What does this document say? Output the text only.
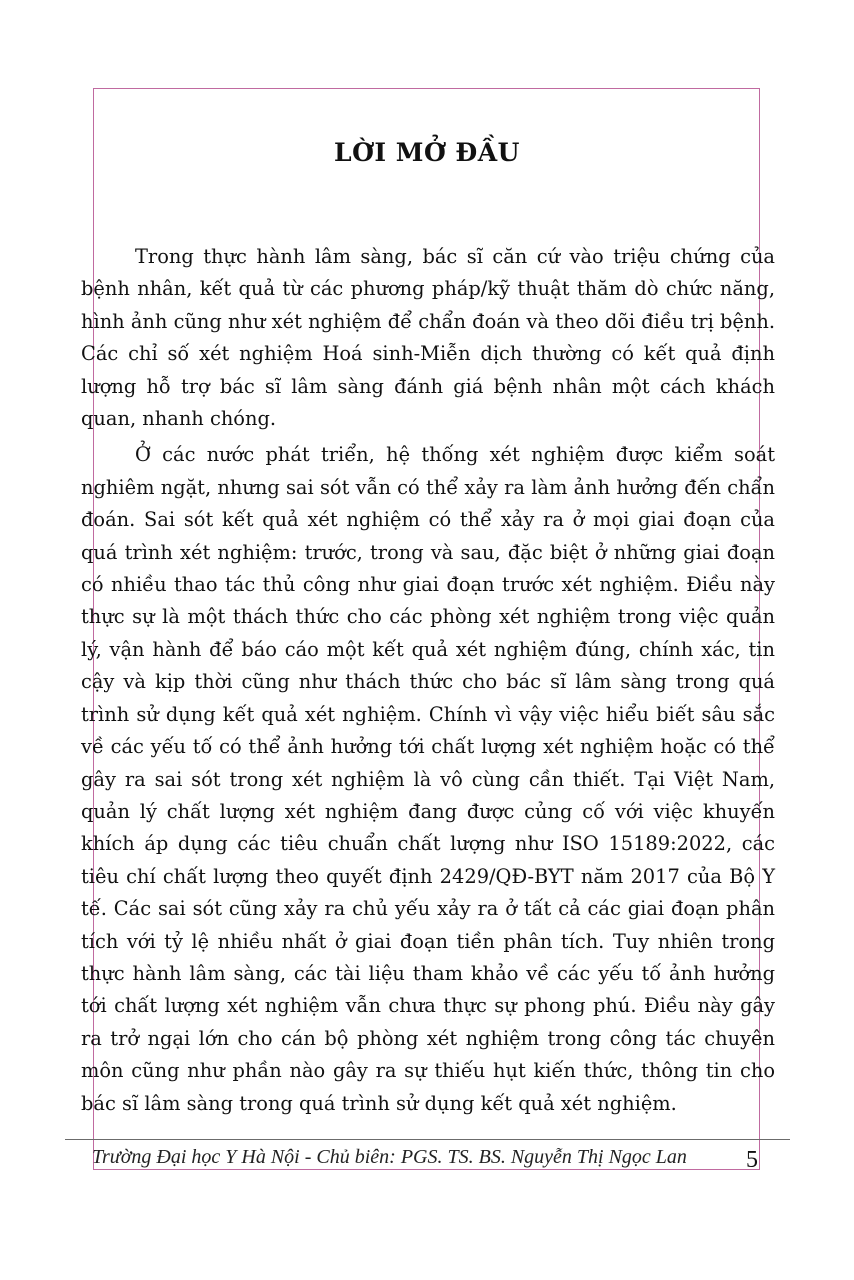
LỜI MỞ ĐẦU

Trong thực hành lâm sàng, bác sĩ căn cứ vào triệu chứng của bệnh nhân, kết quả từ các phương pháp/kỹ thuật thăm dò chức năng, hình ảnh cũng như xét nghiệm để chẩn đoán và theo dõi điều trị bệnh. Các chỉ số xét nghiệm Hoá sinh-Miễn dịch thường có kết quả định lượng hỗ trợ bác sĩ lâm sàng đánh giá bệnh nhân một cách khách quan, nhanh chóng.

Ở các nước phát triển, hệ thống xét nghiệm được kiểm soát nghiêm ngặt, nhưng sai sót vẫn có thể xảy ra làm ảnh hưởng đến chẩn đoán. Sai sót kết quả xét nghiệm có thể xảy ra ở mọi giai đoạn của quá trình xét nghiệm: trước, trong và sau, đặc biệt ở những giai đoạn có nhiều thao tác thủ công như giai đoạn trước xét nghiệm. Điều này thực sự là một thách thức cho các phòng xét nghiệm trong việc quản lý, vận hành để báo cáo một kết quả xét nghiệm đúng, chính xác, tin cậy và kịp thời cũng như thách thức cho bác sĩ lâm sàng trong quá trình sử dụng kết quả xét nghiệm. Chính vì vậy việc hiểu biết sâu sắc về các yếu tố có thể ảnh hưởng tới chất lượng xét nghiệm hoặc có thể gây ra sai sót trong xét nghiệm là vô cùng cần thiết. Tại Việt Nam, quản lý chất lượng xét nghiệm đang được củng cố với việc khuyến khích áp dụng các tiêu chuẩn chất lượng như ISO 15189:2022, các tiêu chí chất lượng theo quyết định 2429/QĐ-BYT năm 2017 của Bộ Y tế. Các sai sót cũng xảy ra chủ yếu xảy ra ở tất cả các giai đoạn phân tích với tỷ lệ nhiều nhất ở giai đoạn tiền phân tích. Tuy nhiên trong thực hành lâm sàng, các tài liệu tham khảo về các yếu tố ảnh hưởng tới chất lượng xét nghiệm vẫn chưa thực sự phong phú. Điều này gây ra trở ngại lớn cho cán bộ phòng xét nghiệm trong công tác chuyên môn cũng như phần nào gây ra sự thiếu hụt kiến thức, thông tin cho bác sĩ lâm sàng trong quá trình sử dụng kết quả xét nghiệm.

Trường Đại học Y Hà Nội - Chủ biên: PGS. TS. BS. Nguyễn Thị Ngọc Lan 5
